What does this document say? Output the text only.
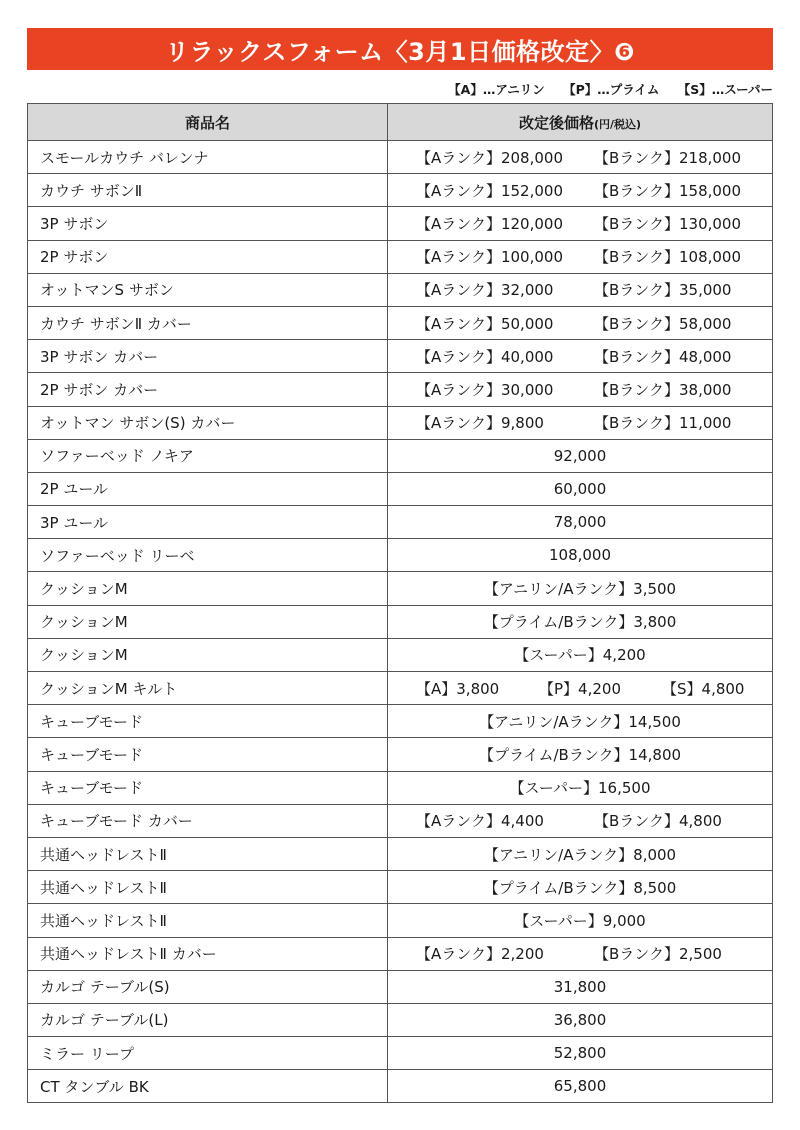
リラックスフォーム〈3月1日価格改定〉❻
【A】…アニリン 【P】…プライム 【S】…スーパー
商品名	改定後価格(円/税込)
スモールカウチ バレンナ	【Aランク】208,000 【Bランク】218,000

カウチ サボンⅡ	【Aランク】152,000 【Bランク】158,000

3P サボン	【Aランク】120,000 【Bランク】130,000

2P サボン	【Aランク】100,000 【Bランク】108,000

オットマンS サボン	【Aランク】32,000 【Bランク】35,000

カウチ サボンⅡ カバー	【Aランク】50,000 【Bランク】58,000

3P サボン カバー	【Aランク】40,000 【Bランク】48,000

2P サボン カバー	【Aランク】30,000 【Bランク】38,000

オットマン サボン(S) カバー	【Aランク】9,800 【Bランク】11,000

ソファーベッド ノキア	92,000
2P ユール	60,000
3P ユール	78,000
ソファーベッド リーベ	108,000
クッションM	【アニリン/Aランク】3,500
クッションM	【プライム/Bランク】3,800
クッションM	【スーパー】4,200
クッションM キルト	【A】3,800 【P】4,200 【S】4,800

キューブモード	【アニリン/Aランク】14,500
キューブモード	【プライム/Bランク】14,800
キューブモード	【スーパー】16,500
キューブモード カバー	【Aランク】4,400 【Bランク】4,800

共通ヘッドレストⅡ	【アニリン/Aランク】8,000
共通ヘッドレストⅡ	【プライム/Bランク】8,500
共通ヘッドレストⅡ	【スーパー】9,000
共通ヘッドレストⅡ カバー	【Aランク】2,200 【Bランク】2,500

カルゴ テーブル(S)	31,800
カルゴ テーブル(L)	36,800
ミラー リープ	52,800
CT タンブル BK	65,800
